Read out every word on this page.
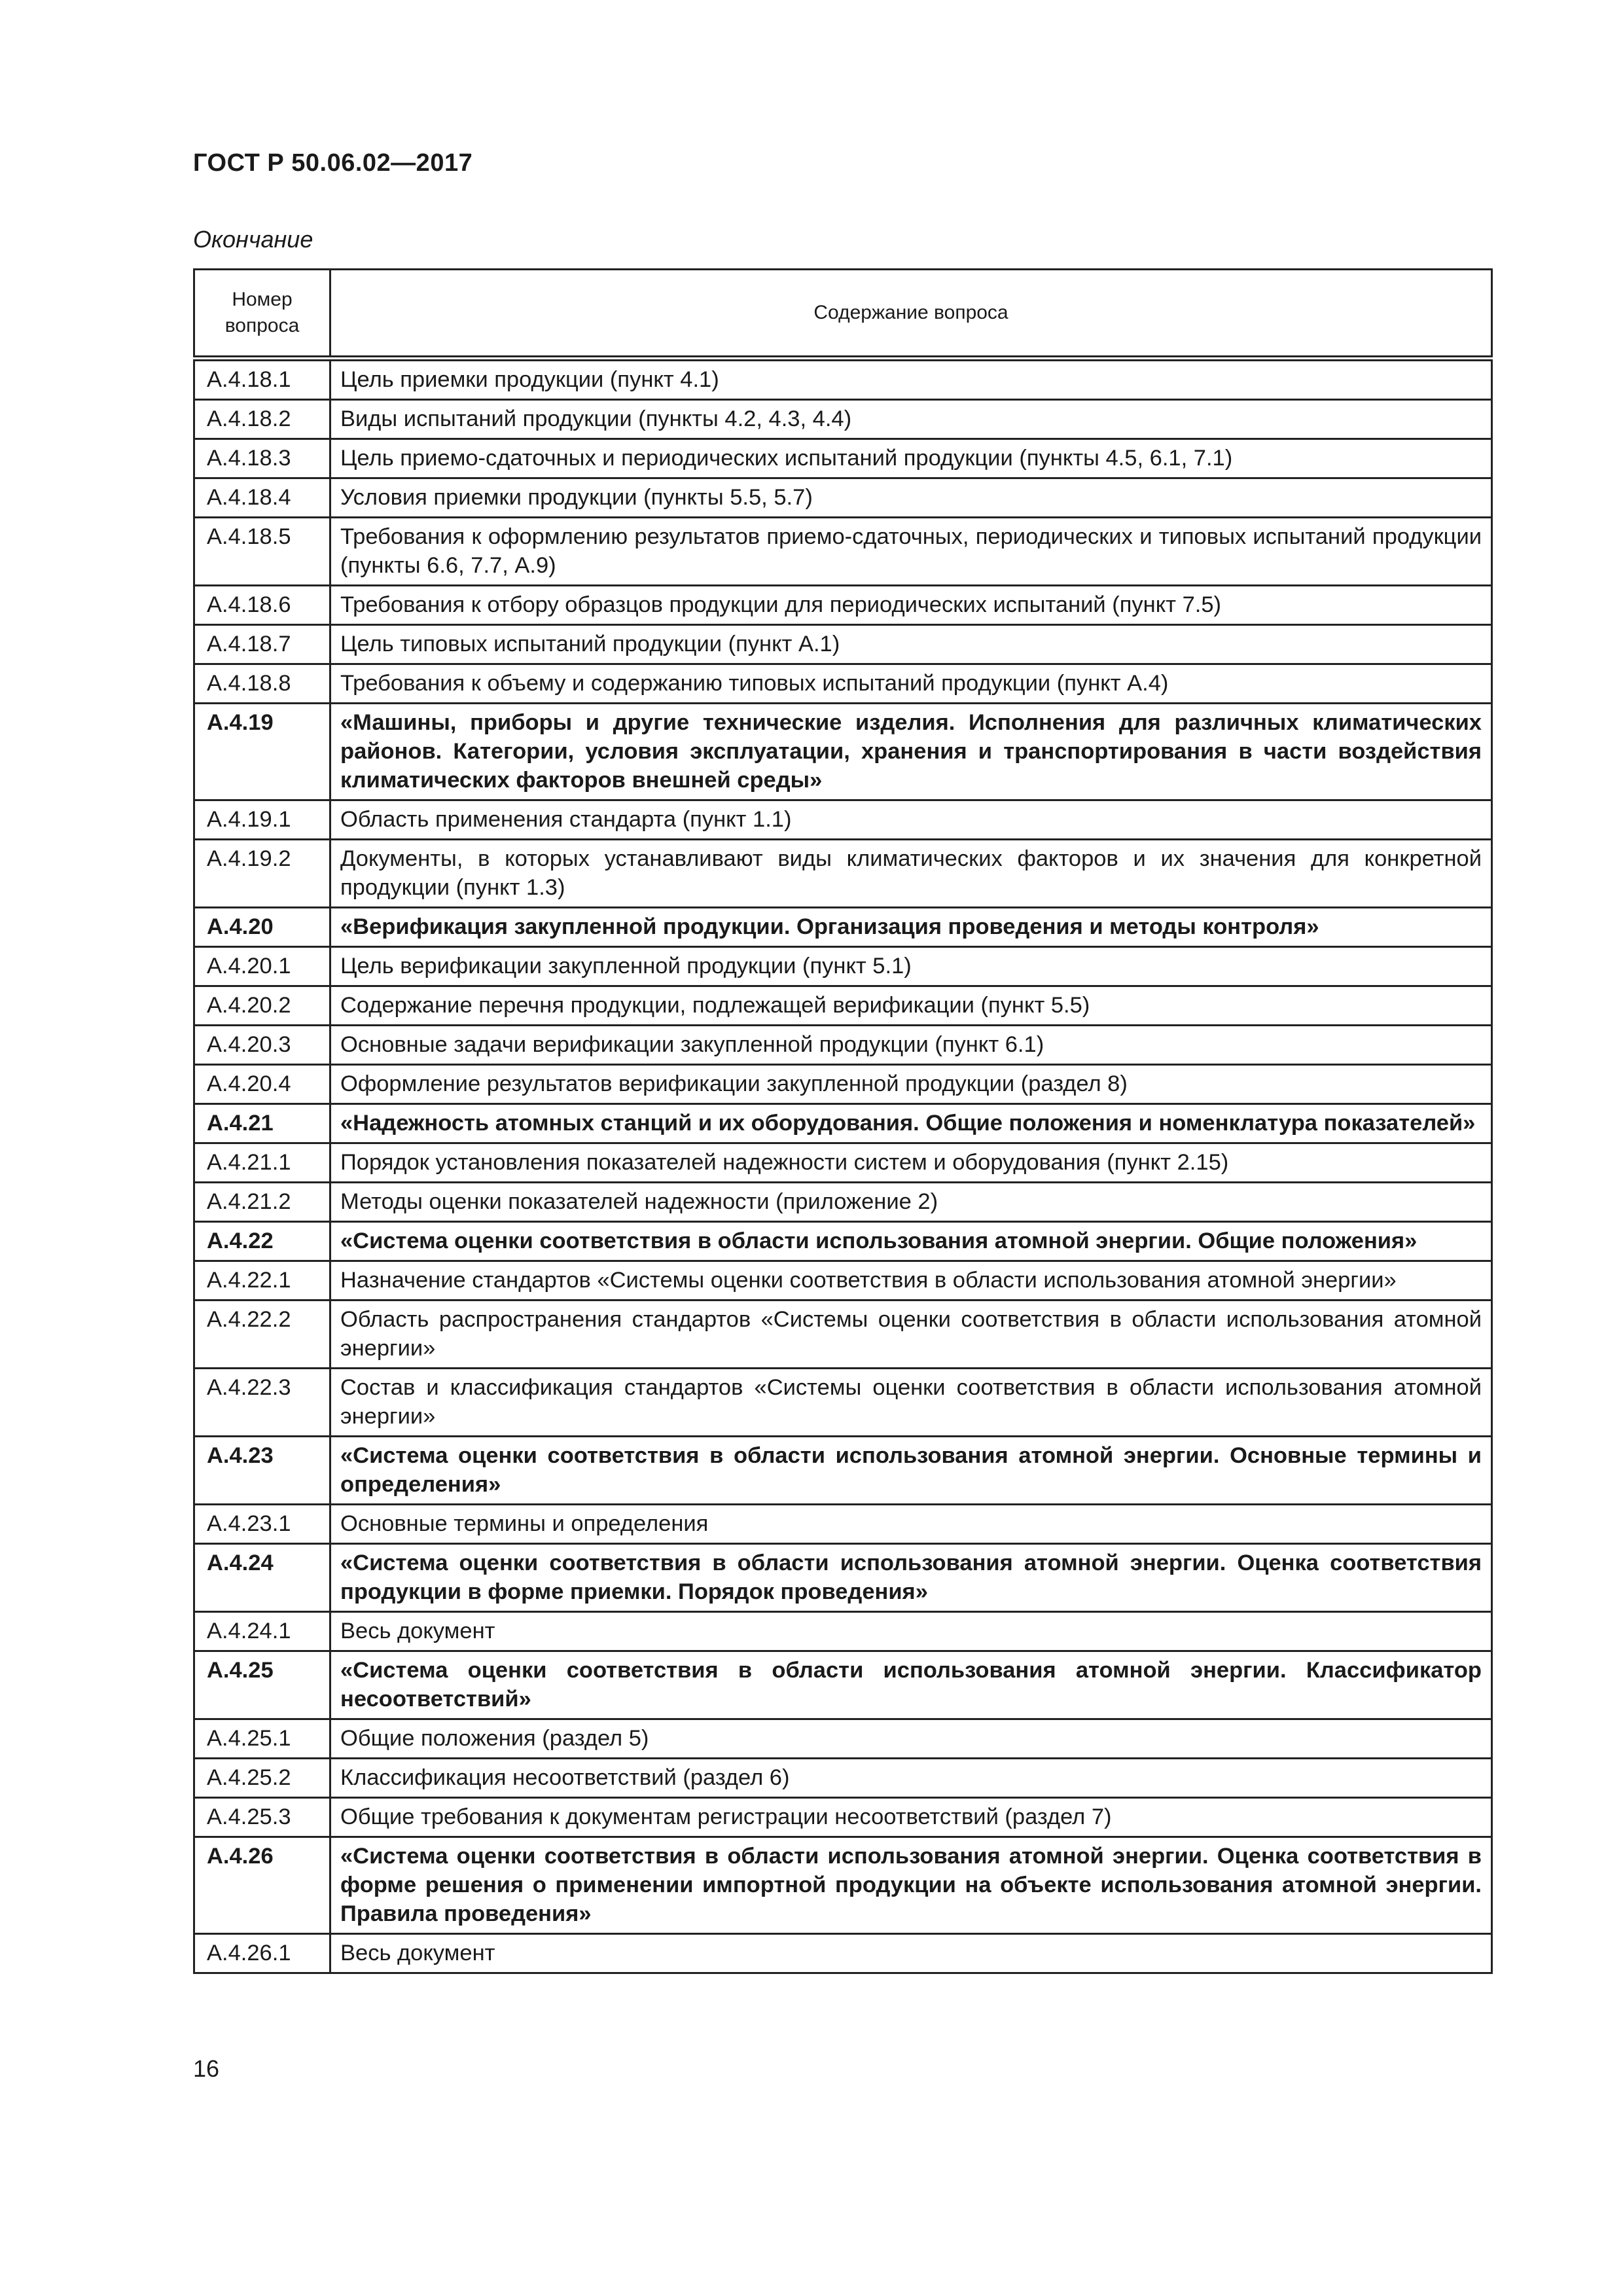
ГОСТ Р 50.06.02—2017
Окончание
Номер вопроса	Содержание вопроса
А.4.18.1	Цель приемки продукции (пункт 4.1)
А.4.18.2	Виды испытаний продукции (пункты 4.2, 4.3, 4.4)
А.4.18.3	Цель приемо-сдаточных и периодических испытаний продукции (пункты 4.5, 6.1, 7.1)
А.4.18.4	Условия приемки продукции (пункты 5.5, 5.7)
А.4.18.5	Требования к оформлению результатов приемо-сдаточных, периодических и типовых испытаний продукции (пункты 6.6, 7.7, А.9)
А.4.18.6	Требования к отбору образцов продукции для периодических испытаний (пункт 7.5)
А.4.18.7	Цель типовых испытаний продукции (пункт А.1)
А.4.18.8	Требования к объему и содержанию типовых испытаний продукции (пункт А.4)
А.4.19	«Машины, приборы и другие технические изделия. Исполнения для различных климатических районов. Категории, условия эксплуатации, хранения и транспортирования в части воздействия климатических факторов внешней среды»
А.4.19.1	Область применения стандарта (пункт 1.1)
А.4.19.2	Документы, в которых устанавливают виды климатических факторов и их значения для конкретной продукции (пункт 1.3)
А.4.20	«Верификация закупленной продукции. Организация проведения и методы контроля»
А.4.20.1	Цель верификации закупленной продукции (пункт 5.1)
А.4.20.2	Содержание перечня продукции, подлежащей верификации (пункт 5.5)
А.4.20.3	Основные задачи верификации закупленной продукции (пункт 6.1)
А.4.20.4	Оформление результатов верификации закупленной продукции (раздел 8)
А.4.21	«Надежность атомных станций и их оборудования. Общие положения и номенклатура показателей»
А.4.21.1	Порядок установления показателей надежности систем и оборудования (пункт 2.15)
А.4.21.2	Методы оценки показателей надежности (приложение 2)
А.4.22	«Система оценки соответствия в области использования атомной энергии. Общие положения»
А.4.22.1	Назначение стандартов «Системы оценки соответствия в области использования атомной энергии»
А.4.22.2	Область распространения стандартов «Системы оценки соответствия в области использования атомной энергии»
А.4.22.3	Состав и классификация стандартов «Системы оценки соответствия в области использования атомной энергии»
А.4.23	«Система оценки соответствия в области использования атомной энергии. Основные термины и определения»
А.4.23.1	Основные термины и определения
А.4.24	«Система оценки соответствия в области использования атомной энергии. Оценка соответствия продукции в форме приемки. Порядок проведения»
А.4.24.1	Весь документ
А.4.25	«Система оценки соответствия в области использования атомной энергии. Классификатор несоответствий»
А.4.25.1	Общие положения (раздел 5)
А.4.25.2	Классификация несоответствий (раздел 6)
А.4.25.3	Общие требования к документам регистрации несоответствий (раздел 7)
А.4.26	«Система оценки соответствия в области использования атомной энергии. Оценка соответствия в форме решения о применении импортной продукции на объекте использования атомной энергии. Правила проведения»
А.4.26.1	Весь документ
16
